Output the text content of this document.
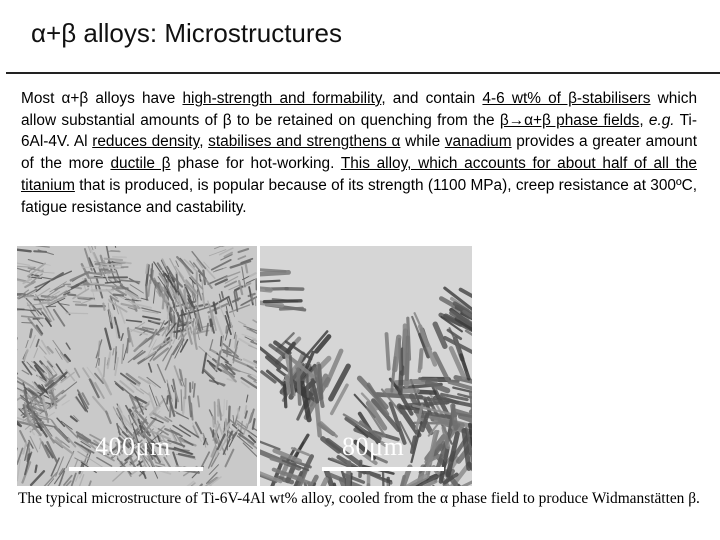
α+β alloys: Microstructures
Most α+β alloys have high-strength and formability, and contain 4-6 wt% of β-stabilisers which allow substantial amounts of β to be retained on quenching from the β→α+β phase fields, e.g. Ti-6Al-4V. Al reduces density, stabilises and strengthens α while vanadium provides a greater amount of the more ductile β phase for hot-working. This alloy, which accounts for about half of all the titanium that is produced, is popular because of its strength (1100 MPa), creep resistance at 300ºC, fatigue resistance and castability.
400μm	80μm
The typical microstructure of Ti-6V-4Al wt% alloy, cooled from the α phase field to produce Widmanstätten β.
